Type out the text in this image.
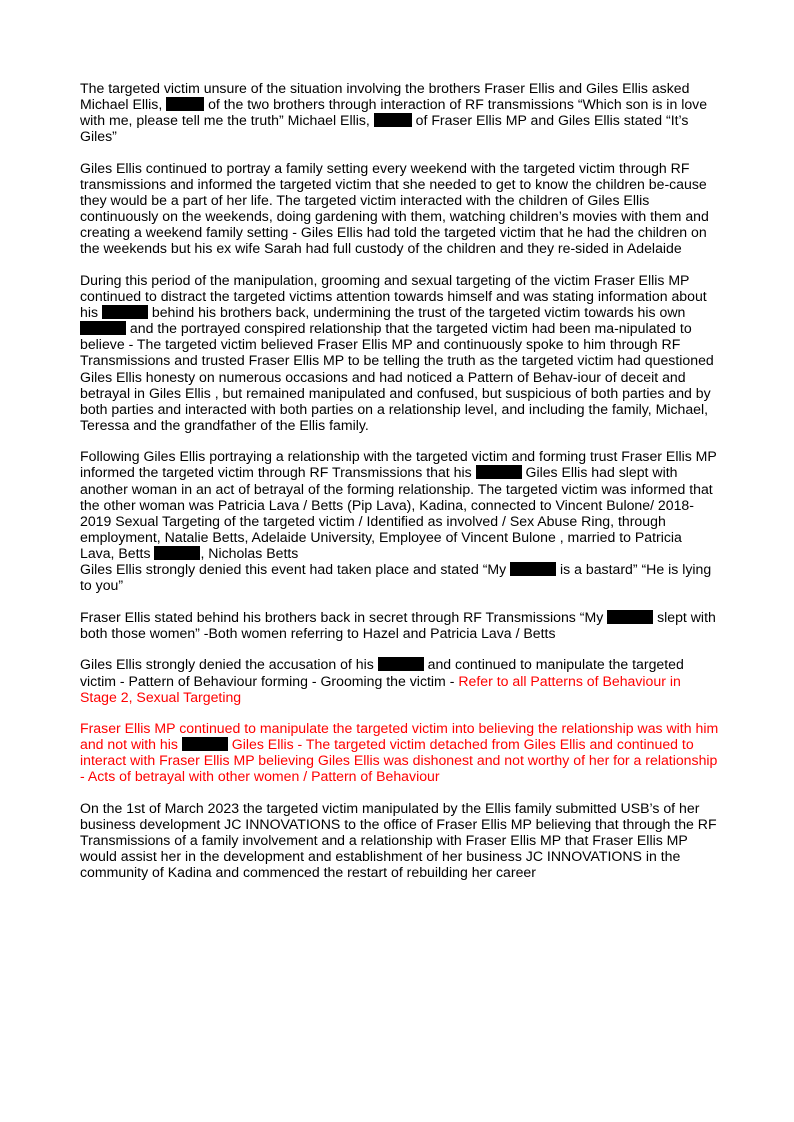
The targeted victim unsure of the situation involving the brothers Fraser Ellis and Giles Ellis asked Michael Ellis,	of the two brothers through interaction of RF transmissions “Which son is in love with me, please tell me the truth” Michael Ellis,	of Fraser Ellis MP and Giles Ellis stated “It’s Giles”

Giles Ellis continued to portray a family setting every weekend with the targeted victim through RF transmissions and informed the targeted victim that she needed to get to know the children be-cause they would be a part of her life. The targeted victim interacted with the children of Giles Ellis continuously on the weekends, doing gardening with them, watching children’s movies with them and creating a weekend family setting - Giles Ellis had told the targeted victim that he had the children on the weekends but his ex wife Sarah had full custody of the children and they re-sided in Adelaide

During this period of the manipulation, grooming and sexual targeting of the victim Fraser Ellis MP continued to distract the targeted victims attention towards himself and was stating information about his	behind his brothers back, undermining the trust of the targeted victim towards his own  and the portrayed conspired relationship that the targeted victim had been ma-nipulated to believe - The targeted victim believed Fraser Ellis MP and continuously spoke to him through RF Transmissions and trusted Fraser Ellis MP to be telling the truth as the targeted victim had questioned Giles Ellis honesty on numerous occasions and had noticed a Pattern of Behav-iour of deceit and betrayal in Giles Ellis , but remained manipulated and confused, but suspicious of both parties and by both parties and interacted with both parties on a relationship level, and including the family, Michael, Teressa and the grandfather of the Ellis family.

Following Giles Ellis portraying a relationship with the targeted victim and forming trust Fraser Ellis MP informed the targeted victim through RF Transmissions that his	Giles Ellis had slept with another woman in an act of betrayal of the forming relationship. The targeted victim was informed that the other woman was Patricia Lava / Betts (Pip Lava), Kadina, connected to Vincent Bulone/ 2018-2019 Sexual Targeting of the targeted victim / Identified as involved / Sex Abuse Ring, through employment, Natalie Betts, Adelaide University, Employee of Vincent Bulone , married to Patricia Lava, Betts	, Nicholas Betts
Giles Ellis strongly denied this event had taken place and stated “My	is a bastard” “He is lying to you”

Fraser Ellis stated behind his brothers back in secret through RF Transmissions “My	slept with both those women” -Both women referring to Hazel and Patricia Lava / Betts

Giles Ellis strongly denied the accusation of his	and continued to manipulate the targeted victim - Pattern of Behaviour forming - Grooming the victim - Refer to all Patterns of Behaviour in Stage 2, Sexual Targeting

Fraser Ellis MP continued to manipulate the targeted victim into believing the relationship was with him and not with his	Giles Ellis - The targeted victim detached from Giles Ellis and continued to interact with Fraser Ellis MP believing Giles Ellis was dishonest and not worthy of her for a relationship - Acts of betrayal with other women / Pattern of Behaviour

On the 1st of March 2023 the targeted victim manipulated by the Ellis family submitted USB’s of her business development JC INNOVATIONS to the office of Fraser Ellis MP believing that through the RF Transmissions of a family involvement and a relationship with Fraser Ellis MP that Fraser Ellis MP would assist her in the development and establishment of her business JC INNOVATIONS in the community of Kadina and commenced the restart of rebuilding her career
